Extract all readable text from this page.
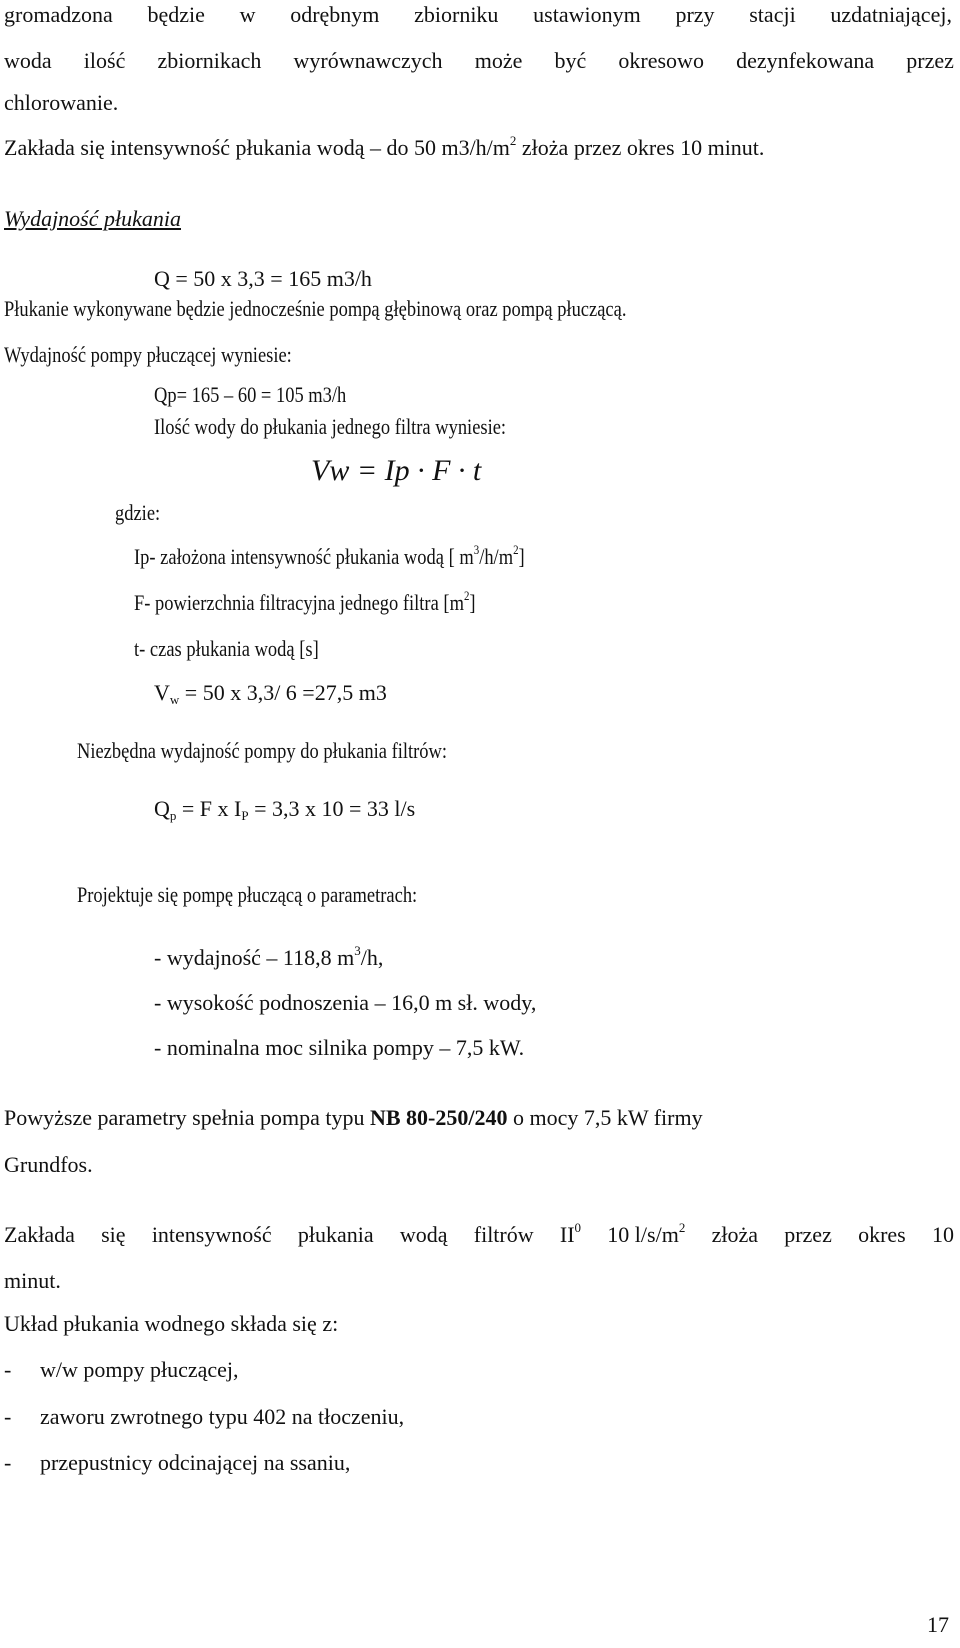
gromadzona będzie w odrębnym zbiorniku ustawionym przy stacji uzdatniającej,
woda ilość zbiornikach wyrównawczych może być okresowo dezynfekowana przez
chlorowanie.
Zakłada się intensywność płukania wodą – do 50 $m3/h/m^2$ złoża przez okres 10 minut.
Wydajność płukania
Q = 50 x 3,3 = 165 m3/h
Płukanie wykonywane będzie jednocześnie pompą głębinową oraz pompą płuczącą.
Wydajność pompy płuczącej wyniesie:
Qp= 165 – 60 = 105 m3/h
Ilość wody do płukania jednego filtra wyniesie:
Vw = Ip · F · t
gdzie:
Ip- założona intensywność płukania wodą [ $m^3/h/m^2$]
F- powierzchnia filtracyjna jednego filtra $[m^2]$
t- czas płukania wodą [s]
$V_w = 50$ x 3,3/ 6 =27,5 m3
Niezbędna wydajność pompy do płukania filtrów:
$Q_p = F$ x $I_P = 3,3$ x 10 = 33 l/s
Projektuje się pompę płuczącą o parametrach:
- wydajność – 118,8 $m^3/h$,
- wysokość podnoszenia – 16,0 m sł. wody,
- nominalna moc silnika pompy – 7,5 kW.
Powyższe parametry spełnia pompa typu NB 80-250/240 o mocy 7,5 kW firmy
Grundfos.
Zakłada się intensywność płukania wodą filtrów $II^0$ 10 $l/s/m^2$ złoża przez okres 10
minut.
Układ płukania wodnego składa się z:
- w/w pompy płuczącej,
- zaworu zwrotnego typu 402 na tłoczeniu,
- przepustnicy odcinającej na ssaniu,
17
